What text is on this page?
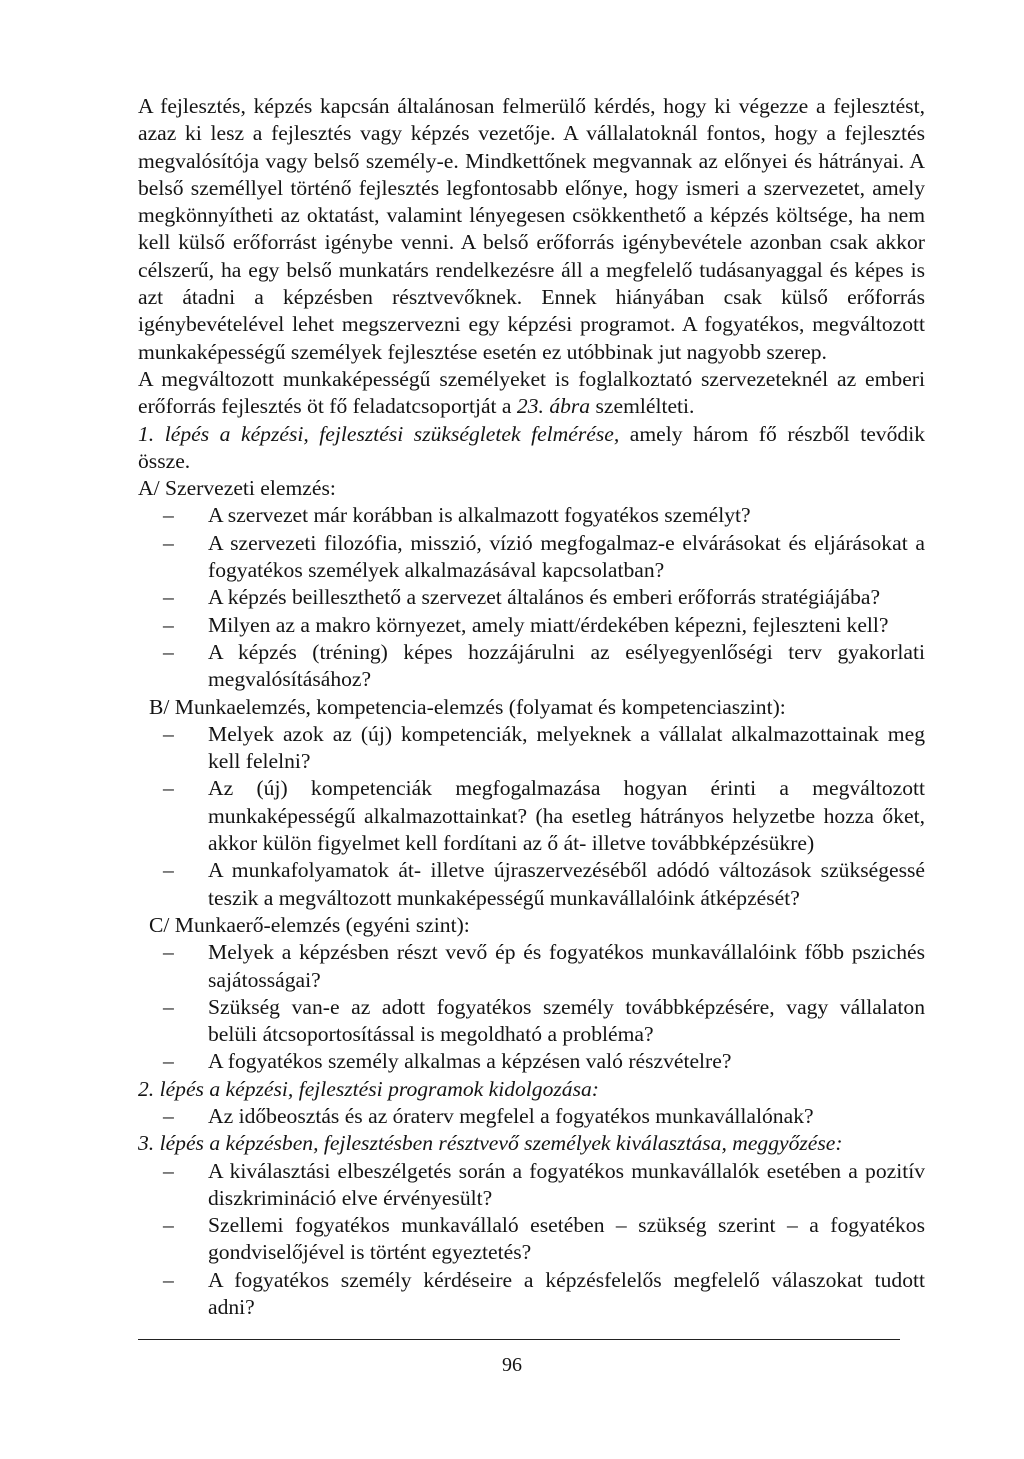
A fejlesztés, képzés kapcsán általánosan felmerülő kérdés, hogy ki végezze a fejlesztést, azaz ki lesz a fejlesztés vagy képzés vezetője. A vállalatoknál fontos, hogy a fejlesztés megvalósítója vagy belső személy-e. Mindkettőnek megvannak az előnyei és hátrányai. A belső személlyel történő fejlesztés legfontosabb előnye, hogy ismeri a szervezetet, amely megkönnyítheti az oktatást, valamint lényegesen csökkenthető a képzés költsége, ha nem kell külső erőforrást igénybe venni. A belső erőforrás igénybevétele azonban csak akkor célszerű, ha egy belső munkatárs rendelkezésre áll a megfelelő tudásanyaggal és képes is azt átadni a képzésben résztvevőknek. Ennek hiányában csak külső erőforrás igénybevételével lehet megszervezni egy képzési programot. A fogyatékos, megváltozott munkaképességű személyek fejlesztése esetén ez utóbbinak jut nagyobb szerep.

A megváltozott munkaképességű személyeket is foglalkoztató szervezeteknél az emberi erőforrás fejlesztés öt fő feladatcsoportját a 23. ábra szemlélteti.

1. lépés a képzési, fejlesztési szükségletek felmérése, amely három fő részből tevődik össze.

A/ Szervezeti elemzés:
– A szervezet már korábban is alkalmazott fogyatékos személyt?
– A szervezeti filozófia, misszió, vízió megfogalmaz-e elvárásokat és eljárásokat a fogyatékos személyek alkalmazásával kapcsolatban?
– A képzés beilleszthető a szervezet általános és emberi erőforrás stratégiájába?
– Milyen az a makro környezet, amely miatt/érdekében képezni, fejleszteni kell?
– A képzés (tréning) képes hozzájárulni az esélyegyenlőségi terv gyakorlati megvalósításához?
B/ Munkaelemzés, kompetencia-elemzés (folyamat és kompetenciaszint):
– Melyek azok az (új) kompetenciák, melyeknek a vállalat alkalmazottainak meg kell felelni?
– Az (új) kompetenciák megfogalmazása hogyan érinti a megváltozott munkaképességű alkalmazottainkat? (ha esetleg hátrányos helyzetbe hozza őket, akkor külön figyelmet kell fordítani az ő át- illetve továbbképzésükre)
– A munkafolyamatok át- illetve újraszervezéséből adódó változások szükségessé teszik a megváltozott munkaképességű munkavállalóink átképzését?
C/ Munkaerő-elemzés (egyéni szint):
– Melyek a képzésben részt vevő ép és fogyatékos munkavállalóink főbb pszichés sajátosságai?
– Szükség van-e az adott fogyatékos személy továbbképzésére, vagy vállalaton belüli átcsoportosítással is megoldható a probléma?
– A fogyatékos személy alkalmas a képzésen való részvételre?
2. lépés a képzési, fejlesztési programok kidolgozása:
– Az időbeosztás és az óraterv megfelel a fogyatékos munkavállalónak?
3. lépés a képzésben, fejlesztésben résztvevő személyek kiválasztása, meggyőzése:
– A kiválasztási elbeszélgetés során a fogyatékos munkavállalók esetében a pozitív diszkrimináció elve érvényesült?
– Szellemi fogyatékos munkavállaló esetében – szükség szerint – a fogyatékos gondviselőjével is történt egyeztetés?
– A fogyatékos személy kérdéseire a képzésfelelős megfelelő válaszokat tudott adni?
96
